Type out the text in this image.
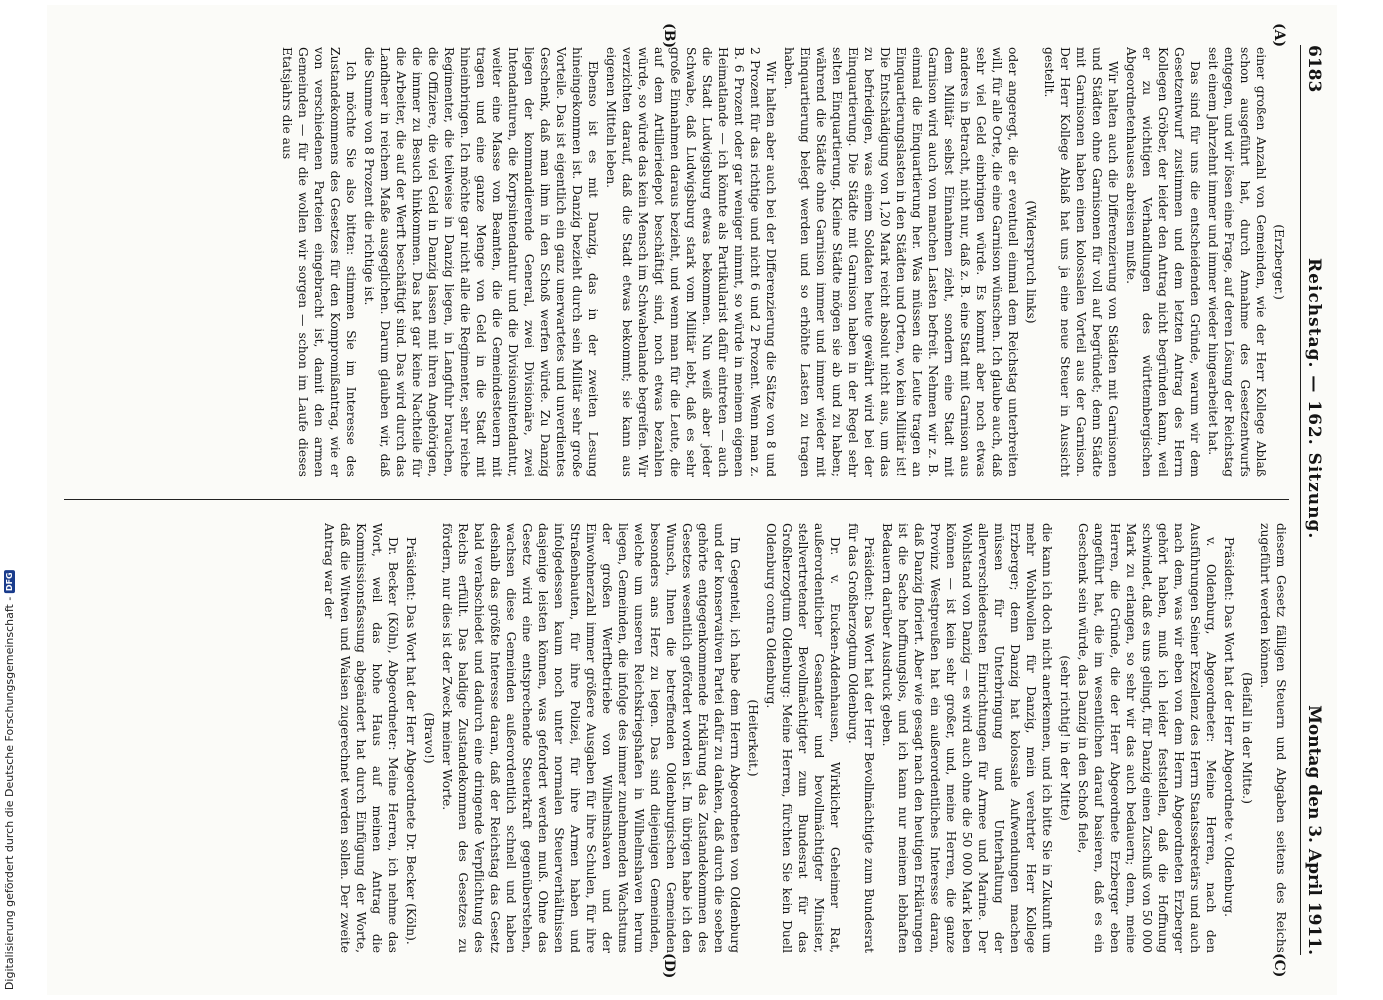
6183
Reichstag. — 162. Sitzung.
Montag den 3. April 1911.
(A)
(B)
(C)
(D)

(Erzberger.)

einer großen Anzahl von Gemeinden, wie der Herr Kollege Ablaß schon ausgeführt hat, durch Annahme des Gesetzentwurfs entgegen, und wir lösen eine Frage, auf deren Lösung der Reichstag seit einem Jahrzehnt immer und immer wieder hingearbeitet hat.

Das sind für uns die entscheidenden Gründe, warum wir dem Gesetzentwurf zustimmen und dem letzten Antrag des Herrn Kollegen Gröber, der leider den Antrag nicht begründen kann, weil er zu wichtigen Verhandlungen des württembergischen Abgeordnetenhauses abreisen mußte.

Wir halten auch die Differenzierung von Städten mit Garnisonen und Städten ohne Garnisonen für voll auf begründet; denn Städte mit Garnisonen haben einen kolossalen Vorteil aus der Garnison. Der Herr Kollege Ablaß hat uns ja eine neue Steuer in Aussicht gestellt.

(Widerspruch links)

oder angeregt, die er eventuell einmal dem Reichstag unterbreiten will, für alle Orte, die eine Garnison wünschen. Ich glaube auch, daß sehr viel Geld einbringen würde. Es kommt aber noch etwas anderes in Betracht, nicht nur, daß z. B. eine Stadt mit Garnison aus dem Militär selbst Einnahmen zieht, sondern eine Stadt mit Garnison wird auch von manchen Lasten befreit. Nehmen wir z. B. einmal die Einquartierung her. Was müssen die Leute tragen an Einquartierungslasten in den Städten und Orten, wo kein Militär ist! Die Entschädigung von 1,20 Mark reicht absolut nicht aus, um das zu befriedigen, was einem Soldaten heute gewährt wird bei der Einquartierung. Die Städte mit Garnison haben in der Regel sehr selten Einquartierung. Kleine Städte mögen sie ab und zu haben; während die Städte ohne Garnison immer und immer wieder mit Einquartierung belegt werden und so erhöhte Lasten zu tragen haben.

Wir halten aber auch bei der Differenzierung die Sätze von 8 und 2 Prozent für das richtige und nicht 6 und 2 Prozent. Wenn man z. B. 6 Prozent oder gar weniger nimmt, so würde in meinem eigenen Heimatlande — ich könnte als Partikularist dafür eintreten — auch die Stadt Ludwigsburg etwas bekommen. Nun weiß aber jeder Schwabe, daß Ludwigsburg stark vom Militär lebt, daß es sehr große Einnahmen daraus bezieht, und wenn man für die Leute, die auf dem Artilleriedepot beschäftigt sind, noch etwas bezahlen würde, so würde das kein Mensch im Schwabenlande begreifen. Wir verzichten darauf, daß die Stadt etwas bekommt; sie kann aus eigenen Mitteln leben.

Ebenso ist es mit Danzig, das in der zweiten Lesung hineingekommen ist. Danzig bezieht durch sein Militär sehr große Vorteile. Das ist eigentlich ein ganz unerwartetes und unverdientes Geschenk, daß man ihm in den Schoß werfen würde. Zu Danzig liegen der kommandierende General, zwei Divisionäre, zwei Intendanturen, die Korpsintendantur und die Divisionsintendantur, weiter eine Masse von Beamten, die die Gemeindesteuern mit tragen und eine ganze Menge von Geld in die Stadt mit hineinbringen. Ich möchte gar nicht alle die Regimenter, sehr reiche Regimenter, die teilweise in Danzig liegen, in Langfuhr brauchen, die Offiziere, die viel Geld in Danzig lassen mit ihren Angehörigen, die immer zu Besuch hinkommen. Das hat gar keine Nachteile für die Arbeiter, die auf der Werft beschäftigt sind. Das wird durch das Landheer in reichem Maße ausgeglichen. Darum glauben wir, daß die Summe von 8 Prozent die richtige ist.

Ich möchte Sie also bitten: stimmen Sie im Interesse des Zustandekommens des Gesetzes für den Kompromißantrag, wie er von verschiedenen Parteien eingebracht ist, damit den armen Gemeinden — für die wollen wir sorgen — schon im Laufe dieses Etatsjahrs die aus

diesem Gesetz fälligen Steuern und Abgaben seitens des Reichs zugeführt werden können.

(Beifall in der Mitte.)

Präsident: Das Wort hat der Herr Abgeordnete v. Oldenburg.

v. Oldenburg, Abgeordneter: Meine Herren, nach den Ausführungen Seiner Exzellenz des Herrn Staatssekretärs und auch nach dem, was wir eben von dem Herrn Abgeordneten Erzberger gehört haben, muß ich leider feststellen, daß die Hoffnung schwindet, daß es uns gelingt, für Danzig einen Zuschuß von 50 000 Mark zu erlangen, so sehr wir das auch bedauern; denn, meine Herren, die Gründe, die der Herr Abgeordnete Erzberger eben angeführt hat, die im wesentlichen darauf basieren, daß es ein Geschenk sein würde, das Danzig in den Schoß fiele,

(sehr richtig! in der Mitte)

die kann ich doch nicht anerkennen, und ich bitte Sie in Zukunft um mehr Wohlwollen für Danzig, mein verehrter Herr Kollege Erzberger; denn Danzig hat kolossale Aufwendungen machen müssen für Unterbringung und Unterhaltung der allerverschiedensten Einrichtungen für Armee und Marine. Der Wohlstand von Danzig — es wird auch ohne die 50 000 Mark leben können — ist kein sehr großer, und, meine Herren, die ganze Provinz Westpreußen hat ein außerordentliches Interesse daran, daß Danzig floriert. Aber wie gesagt nach den heutigen Erklärungen ist die Sache hoffnungslos, und ich kann nur meinem lebhaften Bedauern darüber Ausdruck geben.

Präsident: Das Wort hat der Herr Bevollmächtigte zum Bundesrat für das Großherzogtum Oldenburg.

Dr. v. Eucken-Addenhausen, Wirklicher Geheimer Rat, außerordentlicher Gesandter und bevollmächtigter Minister, stellvertretender Bevollmächtigter zum Bundesrat für das Großherzogtum Oldenburg: Meine Herren, fürchten Sie kein Duell Oldenburg contra Oldenburg.

(Heiterkeit.)

Im Gegenteil, ich habe dem Herrn Abgeordneten von Oldenburg und der konservativen Partei dafür zu danken, daß durch die soeben gehörte entgegenkommende Erklärung das Zustandekommen des Gesetzes wesentlich gefördert worden ist. Im übrigen habe ich den Wunsch, Ihnen die betreffenden Oldenburgischen Gemeinden besonders ans Herz zu legen. Das sind diejenigen Gemeinden, welche um unseren Reichskriegshafen in Wilhelmshaven herum liegen, Gemeinden, die infolge des immer zunehmenden Wachstums der großen Werftbetriebe von Wilhelmshaven und der Einwohnerzahl immer größere Ausgaben für ihre Schulen, für ihre Straßenbauten, für ihre Polizei, für ihre Armen haben und infolgedessen kaum noch unter normalen Steuerverhältnissen dasjenige leisten können, was gefordert werden muß. Ohne das Gesetz wird eine entsprechende Steuerkraft gegenüberstehen, wachsen diese Gemeinden außerordentlich schnell und haben deshalb das größte Interesse daran, daß der Reichstag das Gesetz bald verabschiedet und dadurch eine dringende Verpflichtung des Reichs erfüllt. Das baldige Zustandekommen des Gesetzes zu fördern, nur dies ist der Zweck meiner Worte.

(Bravo!)

Präsident: Das Wort hat der Herr Abgeordnete Dr. Becker (Köln).

Dr. Becker (Köln), Abgeordneter: Meine Herren, ich nehme das Wort, weil das hohe Haus auf meinen Antrag die Kommissionsfassung abgeändert hat durch Einfügung der Worte, daß die Witwen und Waisen zugerechnet werden sollen. Der zweite Antrag war der

Digitalisierung gefördert durch die Deutsche Forschungsgemeinschaft -
DFG
